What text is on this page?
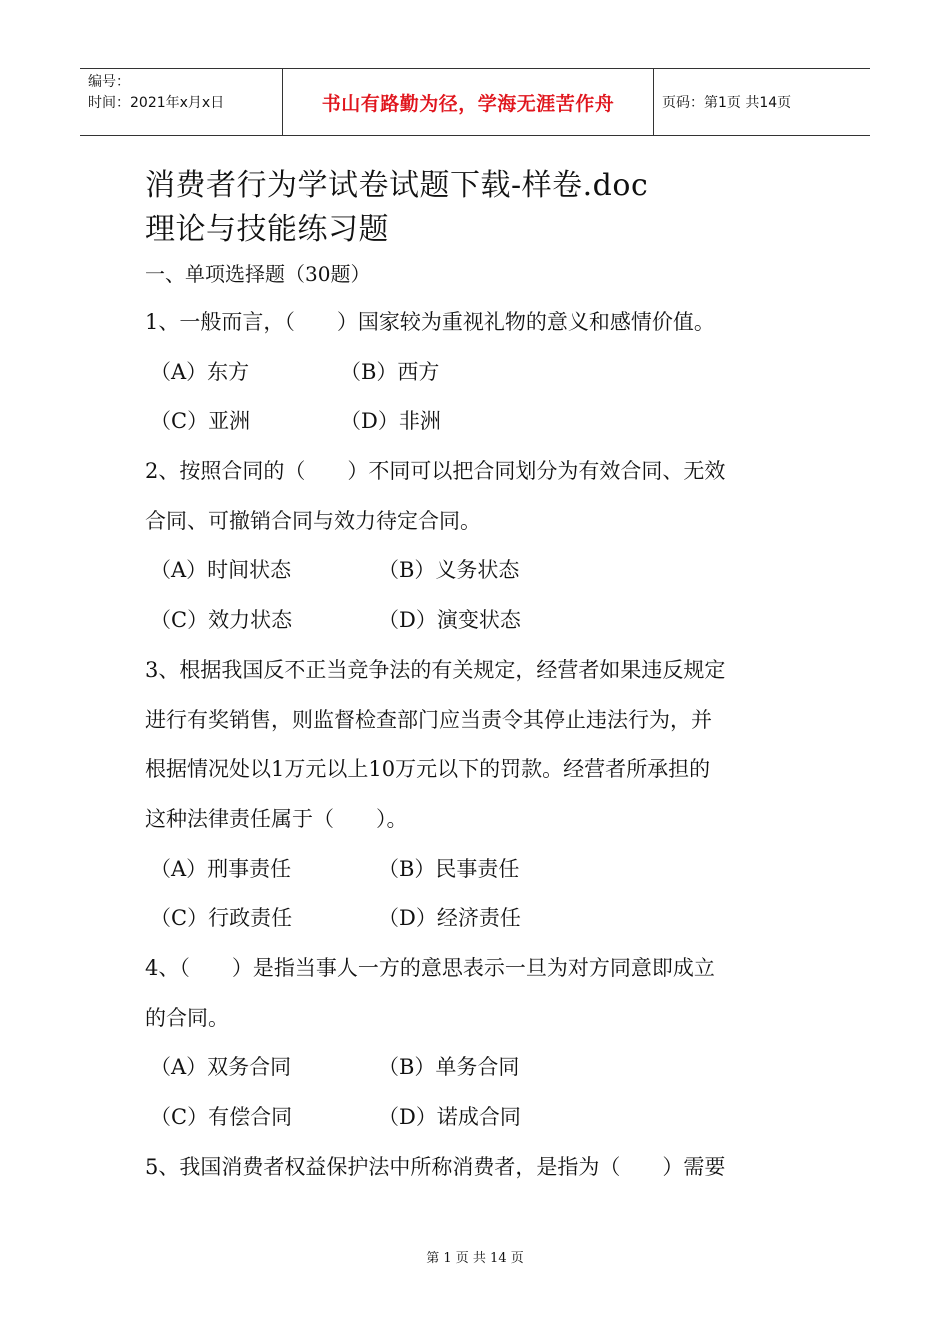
编号：
时间：2021年x月x日	书山有路勤为径，学海无涯苦作舟	页码：第1页 共14页
消费者行为学试卷试题下载-样卷.doc
理论与技能练习题
一、单项选择题（30题）
1、一般而言，（　　）国家较为重视礼物的意义和感情价值。
（A）东方	（B）西方
（C）亚洲	（D）非洲
2、按照合同的（　　）不同可以把合同划分为有效合同、无效
合同、可撤销合同与效力待定合同。
（A）时间状态	（B）义务状态
（C）效力状态	（D）演变状态
3、根据我国反不正当竞争法的有关规定，经营者如果违反规定
进行有奖销售，则监督检查部门应当责令其停止违法行为，并
根据情况处以1万元以上10万元以下的罚款。经营者所承担的
这种法律责任属于（　　）。
（A）刑事责任	（B）民事责任
（C）行政责任	（D）经济责任
4、（　　）是指当事人一方的意思表示一旦为对方同意即成立
的合同。
（A）双务合同	（B）单务合同
（C）有偿合同	（D）诺成合同
5、我国消费者权益保护法中所称消费者，是指为（　　）需要
第 1 页 共 14 页
